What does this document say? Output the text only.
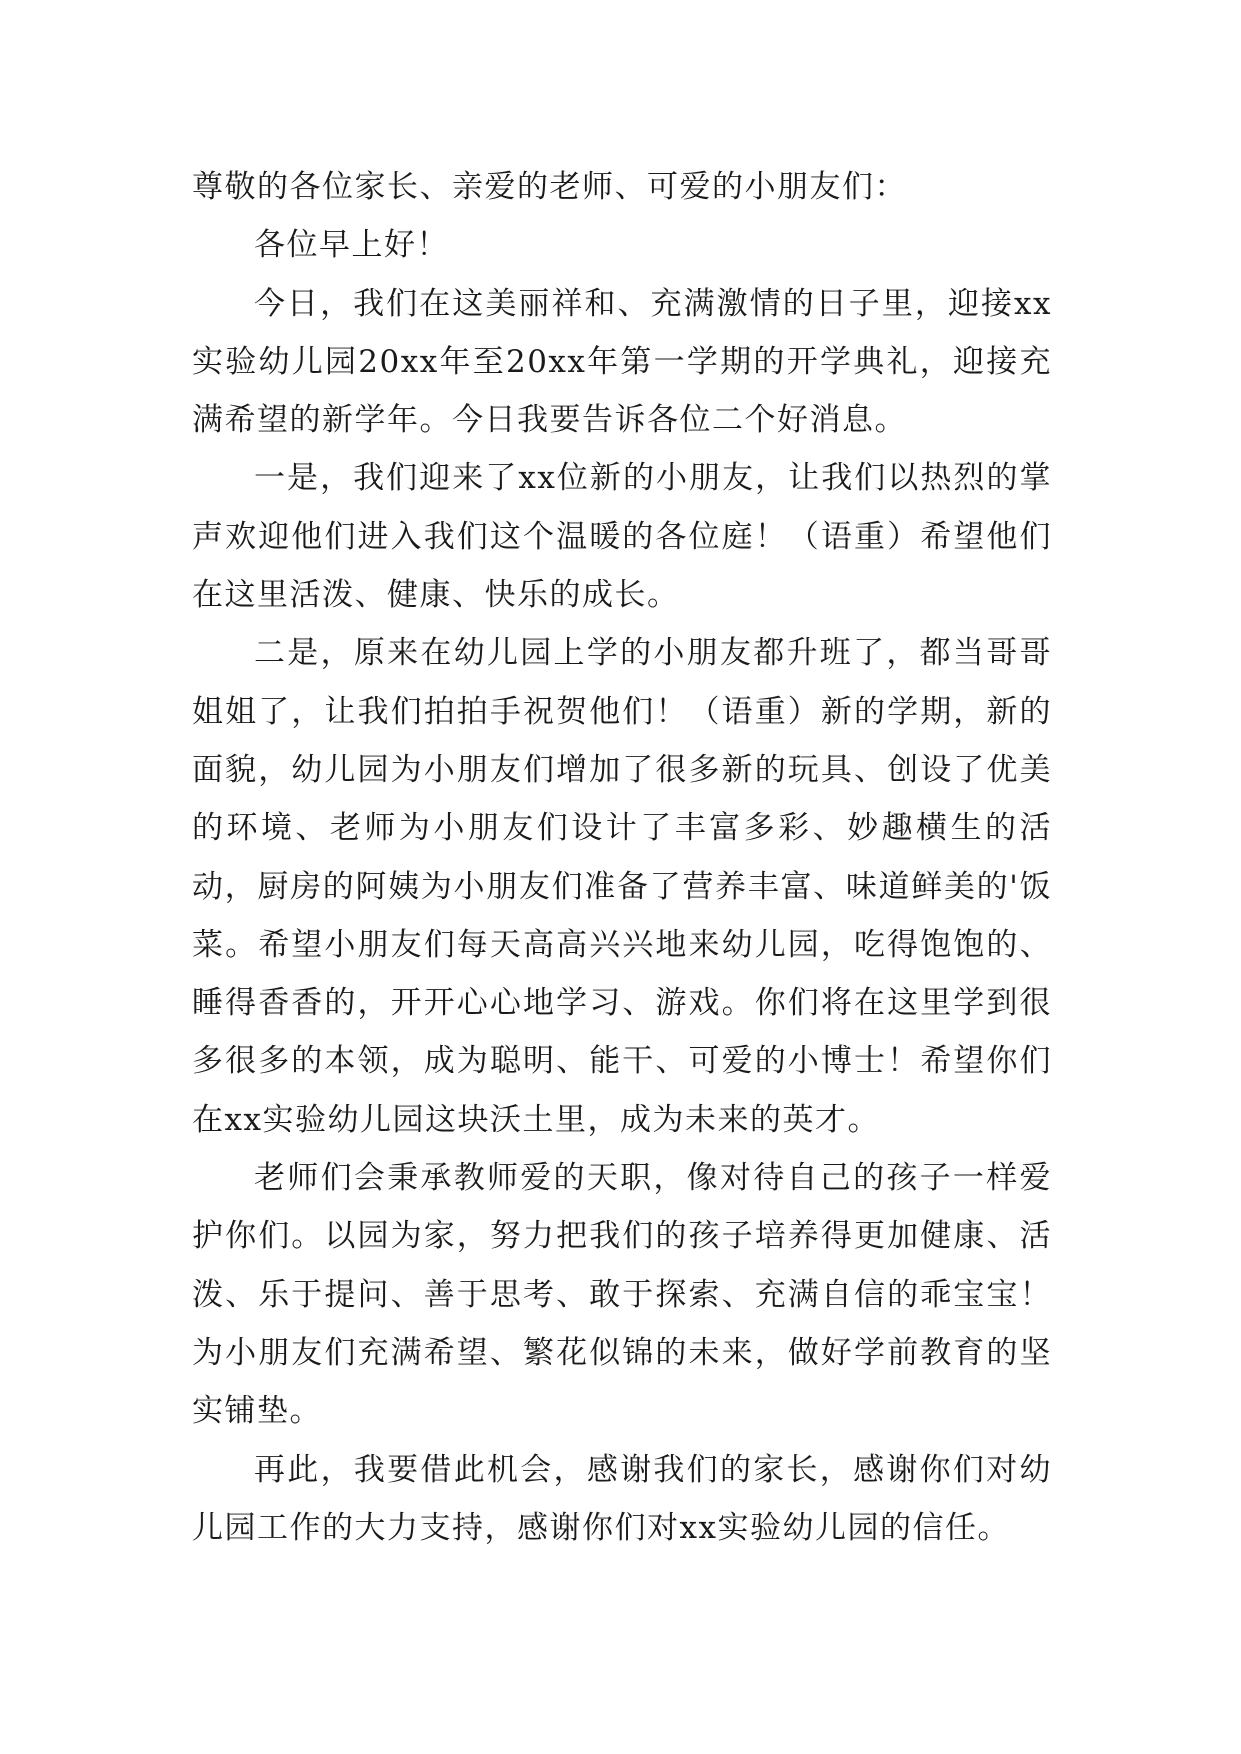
尊敬的各位家长、亲爱的老师、可爱的小朋友们：

各位早上好！

今日，我们在这美丽祥和、充满激情的日子里，迎接xx实验幼儿园20xx年至20xx年第一学期的开学典礼，迎接充满希望的新学年。今日我要告诉各位二个好消息。

一是，我们迎来了xx位新的小朋友，让我们以热烈的掌声欢迎他们进入我们这个温暖的各位庭！（语重）希望他们在这里活泼、健康、快乐的成长。

二是，原来在幼儿园上学的小朋友都升班了，都当哥哥姐姐了，让我们拍拍手祝贺他们！（语重）新的学期，新的面貌，幼儿园为小朋友们增加了很多新的玩具、创设了优美的环境、老师为小朋友们设计了丰富多彩、妙趣横生的活动，厨房的阿姨为小朋友们准备了营养丰富、味道鲜美的'饭菜。希望小朋友们每天高高兴兴地来幼儿园，吃得饱饱的、睡得香香的，开开心心地学习、游戏。你们将在这里学到很多很多的本领，成为聪明、能干、可爱的小博士！希望你们在xx实验幼儿园这块沃土里，成为未来的英才。

老师们会秉承教师爱的天职，像对待自己的孩子一样爱护你们。以园为家，努力把我们的孩子培养得更加健康、活泼、乐于提问、善于思考、敢于探索、充满自信的乖宝宝！为小朋友们充满希望、繁花似锦的未来，做好学前教育的坚实铺垫。

再此，我要借此机会，感谢我们的家长，感谢你们对幼儿园工作的大力支持，感谢你们对xx实验幼儿园的信任。
